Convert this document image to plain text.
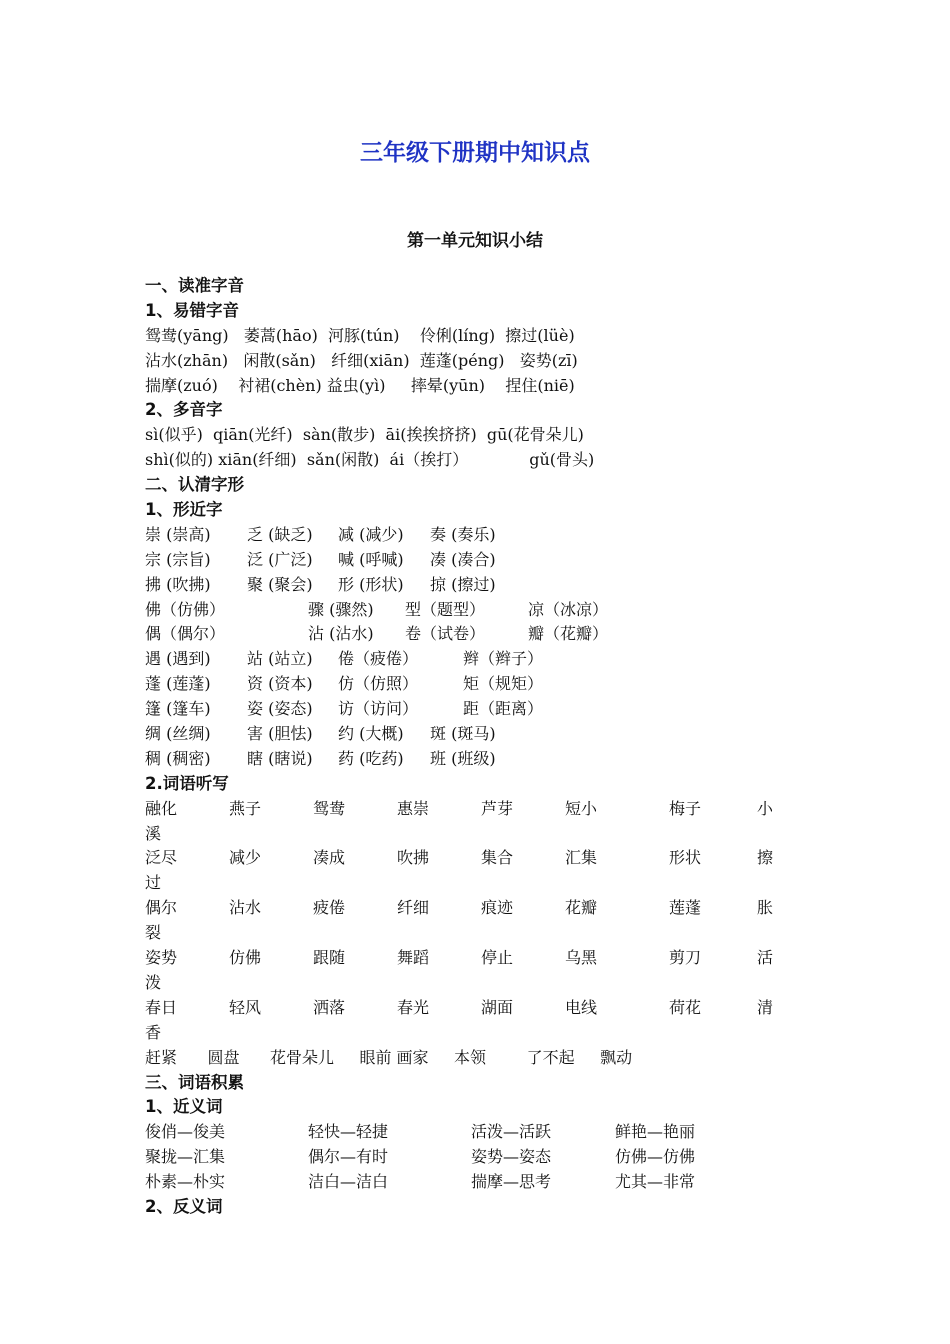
三年级下册期中知识点
第一单元知识小结
一、读准字音
1、易错字音
鸳鸯(yāng)   萎蒿(hāo)  河豚(tún)    伶俐(líng)  擦过(lüè)
沾水(zhān)   闲散(sǎn)   纤细(xiān)  莲蓬(péng)   姿势(zī)
揣摩(zuó)    衬裙(chèn) 益虫(yì)     摔晕(yūn)    捏住(niē)
2、多音字
sì(似乎)  qiān(光纤)  sàn(散步)  āi(挨挨挤挤)  gū(花骨朵儿)
shì(似的) xiān(纤细)  sǎn(闲散)  ái（挨打）            gǔ(骨头)
二、认清字形
1、形近字
崇 (崇高) 乏 (缺乏) 减 (减少) 奏 (奏乐)
宗 (宗旨) 泛 (广泛) 喊 (呼喊) 凑 (凑合)
拂 (吹拂) 聚 (聚会) 形 (形状) 掠 (擦过)
佛（仿佛）	骤 (骤然) 型（题型）	凉（冰凉）
偶（偶尔）	沾 (沾水) 卷（试卷）	瓣（花瓣）
遇 (遇到) 站 (站立) 倦（疲倦）	辫（辫子）
蓬 (莲蓬) 资 (资本) 仿（仿照）	矩（规矩）
篷 (篷车) 姿 (姿态) 访（访问）	距（距离）
绸 (丝绸) 害 (胆怯) 约 (大概) 斑 (斑马)
稠 (稠密) 瞎 (瞎说) 药 (吃药) 班 (班级)
2.词语听写
融化	燕子	鸳鸯	惠崇	芦芽	短小	梅子	小
溪
泛尽	减少	凑成	吹拂	集合	汇集	形状	擦
过
偶尔	沾水	疲倦	纤细	痕迹	花瓣	莲蓬	胀
裂
姿势	仿佛	跟随	舞蹈	停止	乌黑	剪刀	活
泼
春日	轻风	洒落	春光	湖面	电线	荷花	清
香
赶紧      圆盘      花骨朵儿     眼前 画家     本领        了不起     飘动
三、词语积累
1、近义词
俊俏—俊美	轻快—轻捷	活泼—活跃	鲜艳—艳丽
聚拢—汇集	偶尔—有时	姿势—姿态	仿佛—仿佛
朴素—朴实	洁白—洁白	揣摩—思考	尤其—非常
2、反义词
